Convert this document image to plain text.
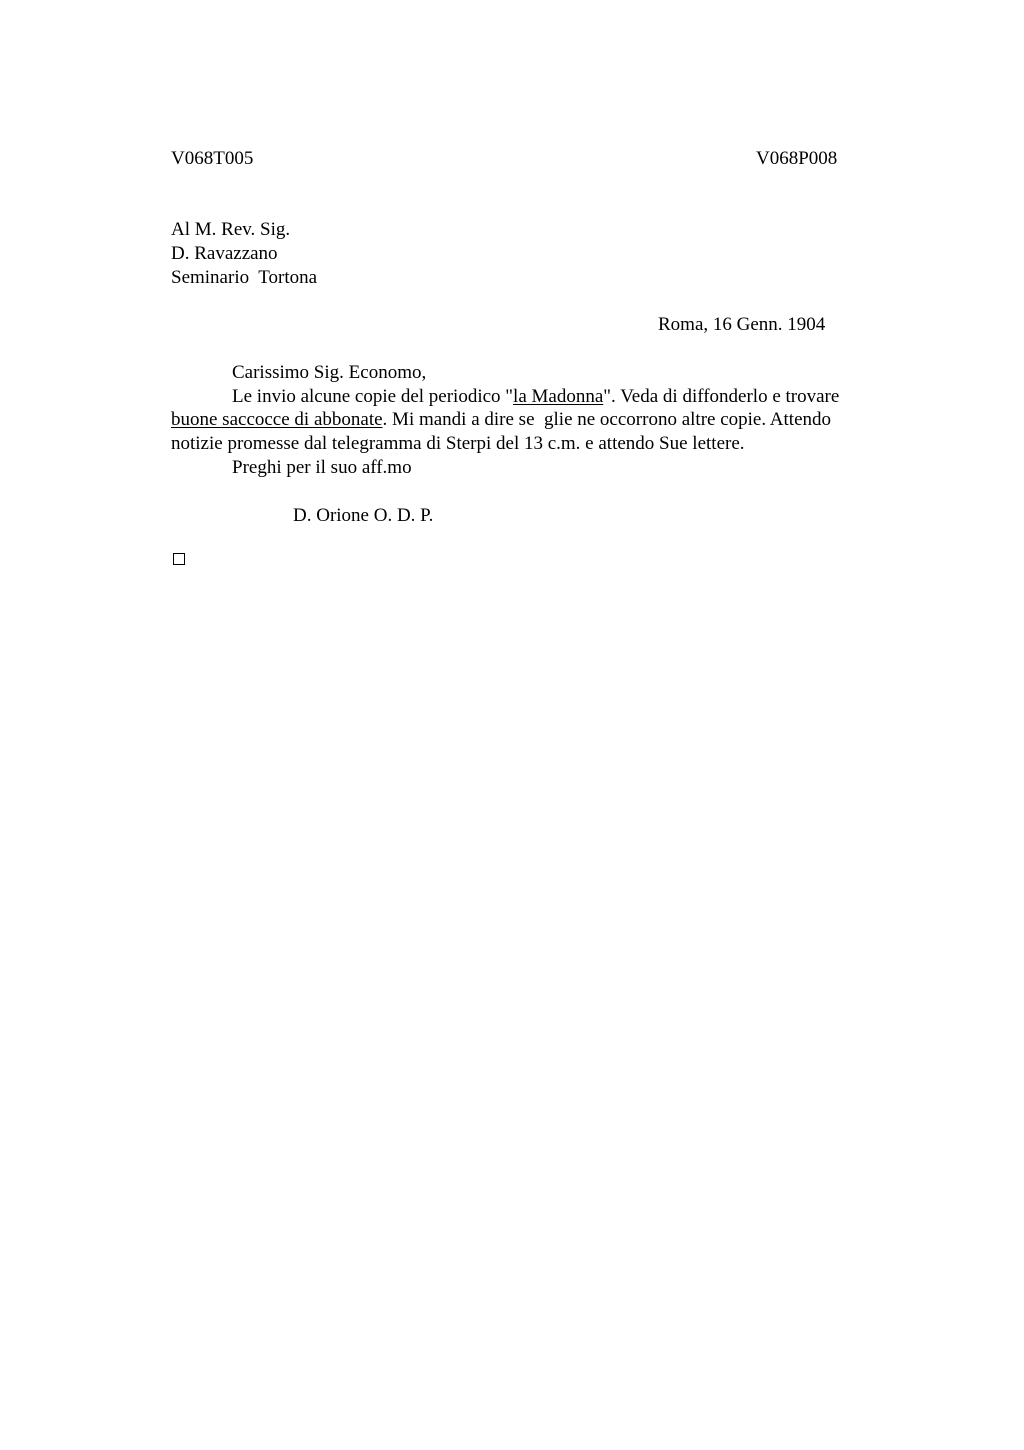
V068T005	V068P008
Al M. Rev. Sig.
D. Ravazzano
Seminario  Tortona
Roma, 16 Genn. 1904
Carissimo Sig. Economo,
Le invio alcune copie del periodico "la Madonna". Veda di diffonderlo e trovare
buone saccocce di abbonate. Mi mandi a dire se  glie ne occorrono altre copie. Attendo
notizie promesse dal telegramma di Sterpi del 13 c.m. e attendo Sue lettere.
Preghi per il suo aff.mo
D. Orione O. D. P.
